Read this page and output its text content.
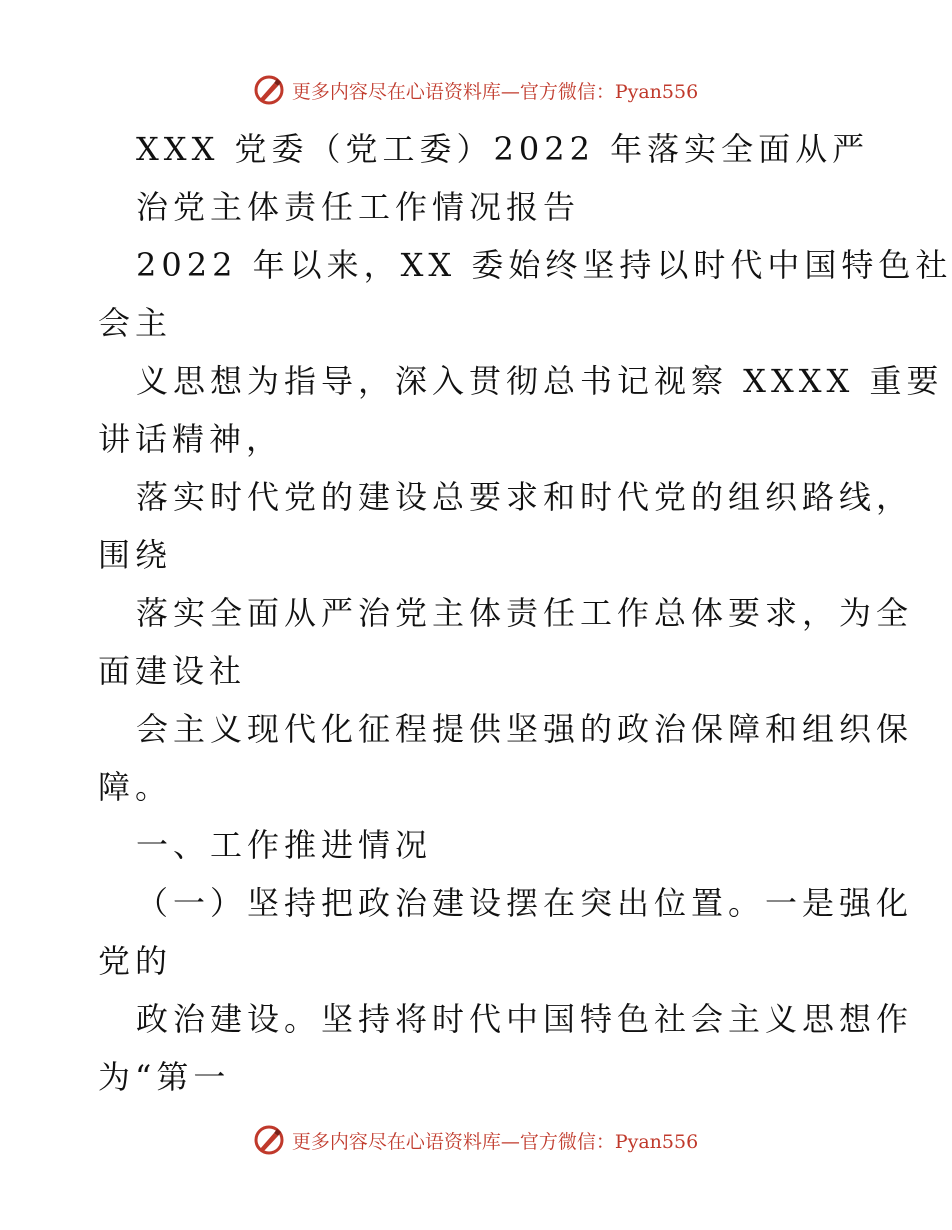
更多内容尽在心语资料库 —官方微信：Pyan556
XXX 党委（党工委）2022 年落实全面从严
治党主体责任工作情况报告
2022 年以来，XX 委始终坚持以时代中国特色社
会主
义思想为指导，深入贯彻总书记视察 XXXX 重要
讲话精神，
落实时代党的建设总要求和时代党的组织路线，
围绕
落实全面从严治党主体责任工作总体要求，为全
面建设社
会主义现代化征程提供坚强的政治保障和组织保
障。
一、工作推进情况
（一）坚持把政治建设摆在突出位置。一是强化
党的
政治建设。坚持将时代中国特色社会主义思想作
为“第一
更多内容尽在心语资料库 —官方微信：Pyan556
